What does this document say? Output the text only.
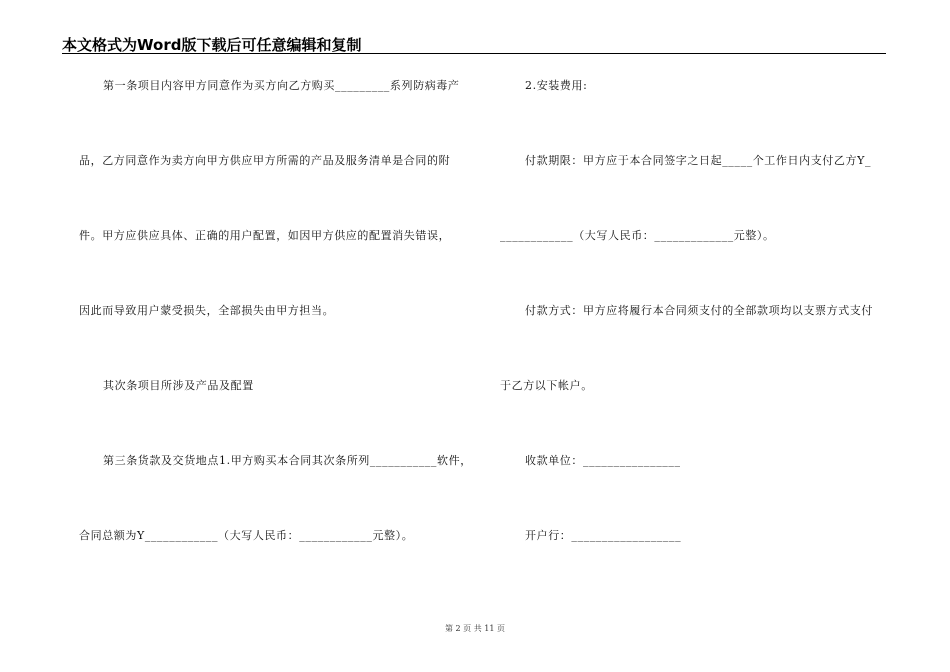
本文格式为Word版下载后可任意编辑和复制
第一条项目内容甲方同意作为买方向乙方购买_________系列防病毒产
品，乙方同意作为卖方向甲方供应甲方所需的产品及服务清单是合同的附
件。甲方应供应具体、正确的用户配置，如因甲方供应的配置消失错误，
因此而导致用户蒙受损失，全部损失由甲方担当。
其次条项目所涉及产品及配置
第三条货款及交货地点1.甲方购买本合同其次条所列___________软件，
合同总额为Y____________（大写人民币：____________元整）。
2.安装费用:
付款期限：甲方应于本合同签字之日起_____个工作日内支付乙方Y_
____________（大写人民币：_____________元整）。
付款方式：甲方应将履行本合同须支付的全部款项均以支票方式支付
于乙方以下帐户。
收款单位：________________
开户行：__________________
第 2 页 共 11 页
